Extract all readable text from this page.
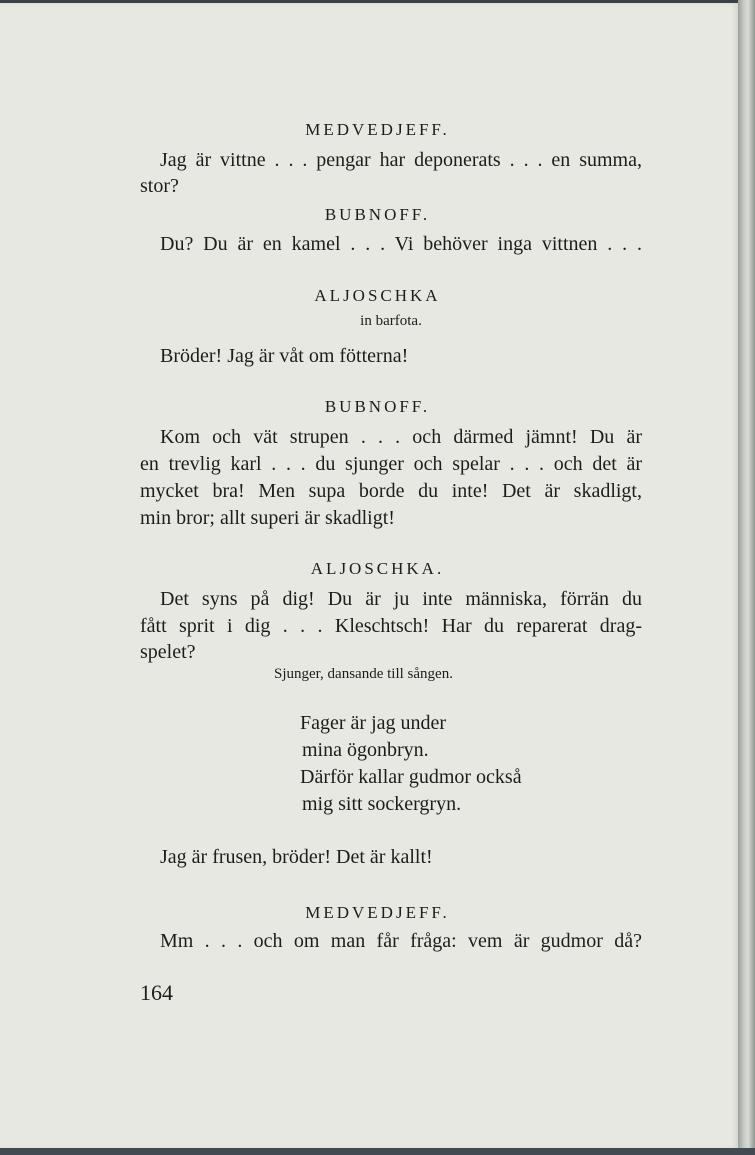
MEDVEDJEFF.

Jag är vittne . . . pengar har deponerats . . . en summa,

stor?

BUBNOFF.

Du? Du är en kamel . . . Vi behöver inga vittnen . . .

ALJOSCHKA

in barfota.

Bröder! Jag är våt om fötterna!

BUBNOFF.

Kom och vät strupen . . . och därmed jämnt! Du är

en trevlig karl . . . du sjunger och spelar . . . och det är

mycket bra! Men supa borde du inte! Det är skadligt,

min bror; allt superi är skadligt!

ALJOSCHKA.

Det syns på dig! Du är ju inte människa, förrän du

fått sprit i dig . . . Kleschtsch! Har du reparerat drag-

spelet?

Sjunger, dansande till sången.

Fager är jag under

mina ögonbryn.

Därför kallar gudmor också

mig sitt sockergryn.

Jag är frusen, bröder! Det är kallt!

MEDVEDJEFF.

Mm . . . och om man får fråga: vem är gudmor då?

164
